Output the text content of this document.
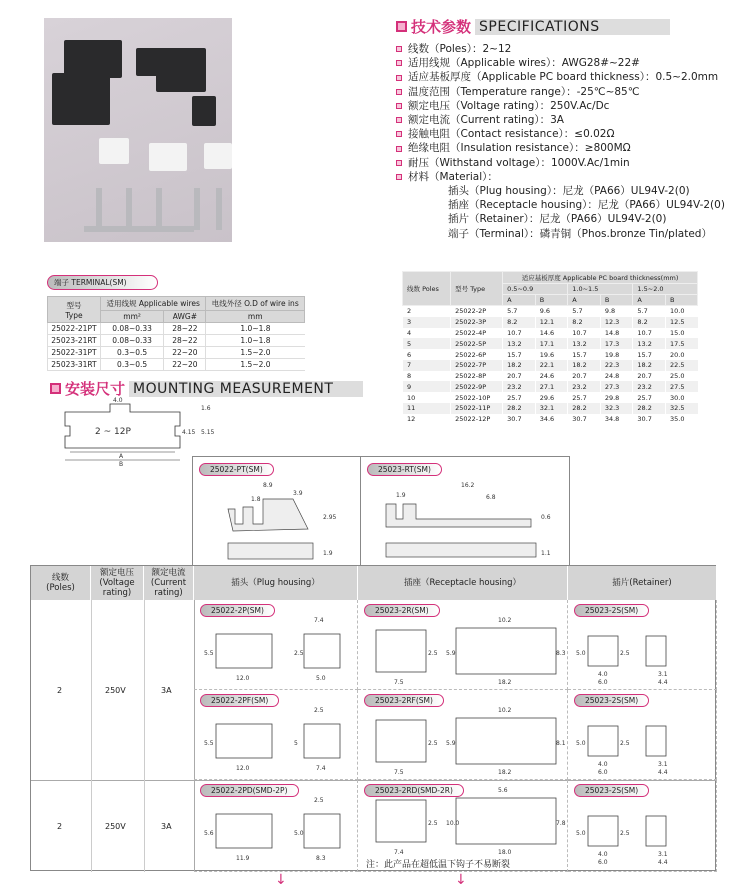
技术参数 SPECIFICATIONS
线数（Poles）：2~12
适用线规（Applicable wires）：AWG28#~22#
适应基板厚度（Applicable PC board thickness）：0.5~2.0mm
温度范围（Temperature range）：-25℃~85℃
额定电压（Voltage rating）：250V.Ac/Dc
额定电流（Current rating）：3A
接触电阻（Contact resistance）：≤0.02Ω
绝缘电阻（Insulation resistance）：≥800MΩ
耐压（Withstand voltage）：1000V.Ac/1min
材料（Material）：
插头（Plug housing）：尼龙（PA66）UL94V-2(0)
插座（Receptacle housing）：尼龙（PA66）UL94V-2(0)
插片（Retainer）：尼龙（PA66）UL94V-2(0)
端子（Terminal）：磷青铜（Phos.bronze Tin/plated）
端子 TERMINAL(SM)
型号
Type	适用线规 Applicable wires		电线外径 O.D of wire ins
	mm²	AWG#	mm
25022-21PT	0.08~0.33	28~22	1.0~1.8
25023-21RT	0.08~0.33	28~22	1.0~1.8
25022-31PT	0.3~0.5	22~20	1.5~2.0
25023-31RT	0.3~0.5	22~20	1.5~2.0
线数 Poles	型号 Type	适应基板厚度 Applicable PC board thickness(mm)					
		0.5~0.9		1.0~1.5		1.5~2.0	
		A	B	A	B	A	B
2	25022-2P	5.7	9.6	5.7	9.8	5.7	10.0
3	25022-3P	8.2	12.1	8.2	12.3	8.2	12.5
4	25022-4P	10.7	14.6	10.7	14.8	10.7	15.0
5	25022-5P	13.2	17.1	13.2	17.3	13.2	17.5
6	25022-6P	15.7	19.6	15.7	19.8	15.7	20.0
7	25022-7P	18.2	22.1	18.2	22.3	18.2	22.5
8	25022-8P	20.7	24.6	20.7	24.8	20.7	25.0
9	25022-9P	23.2	27.1	23.2	27.3	23.2	27.5
10	25022-10P	25.7	29.6	25.7	29.8	25.7	30.0
11	25022-11P	28.2	32.1	28.2	32.3	28.2	32.5
12	25022-12P	30.7	34.6	30.7	34.8	30.7	35.0
安装尺寸 MOUNTING MEASUREMENT
4.0
2 ~ 12P	4.15 5.15
1.6
A
B
25022-PT(SM)
8.9
3.9
1.8
2.95
1.9
25023-RT(SM)
16.2
1.9	6.8
0.6
1.1
线数
(Poles)
额定电压
(Voltage
rating)
额定电流
(Current
rating)
插头（Plug housing）	插座（Receptacle housing）	插片(Retainer)
2	250V	3A
2	250V	3A
5.5
12.0
7.4
2.5
5.0
25022-2P(SM)
2.5
7.5
10.2
5.9	8.3
18.2
25023-2R(SM)
5.0	2.5
4.0
6.0
3.1
4.4
25023-2S(SM)
5.5
12.0
2.5
5
7.4
25022-2PF(SM)
2.5
7.5
10.2
5.9	8.1
18.2
25023-2RF(SM)
5.0	2.5
4.0
6.0
3.1
4.4
25023-2S(SM)
5.6
11.9
2.5
5.0
8.3
25022-2PD(SMD-2P)
2.5
7.4
5.6
10.0	7.8
18.0
25023-2RD(SMD-2R)
5.0	2.5
4.0
6.0
3.1
4.4
25023-2S(SM)
注：此产品在超低温下钩子不易断裂
↓	↓
